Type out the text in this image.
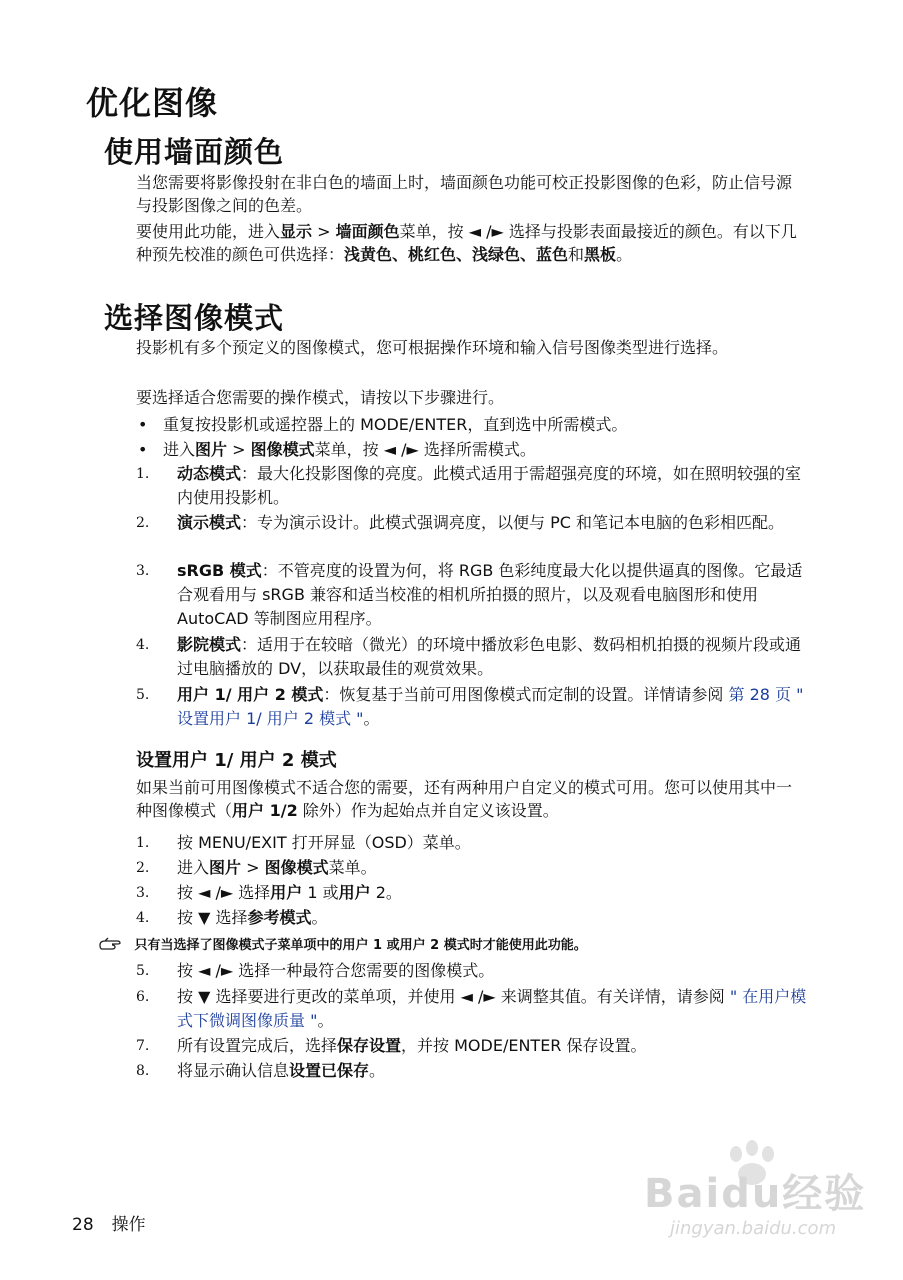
优化图像
使用墙面颜色

当您需要将影像投射在非白色的墙面上时，墙面颜色功能可校正投影图像的色彩，防止信号源与投影图像之间的色差。

要使用此功能，进入显示 > 墙面颜色菜单，按 ◄ /► 选择与投影表面最接近的颜色。有以下几种预先校准的颜色可供选择：浅黄色、桃红色、浅绿色、蓝色和黑板。

选择图像模式

投影机有多个预定义的图像模式，您可根据操作环境和输入信号图像类型进行选择。

要选择适合您需要的操作模式，请按以下步骤进行。

• 重复按投影机或遥控器上的 MODE/ENTER，直到选中所需模式。
• 进入图片 > 图像模式菜单，按 ◄ /► 选择所需模式。
1.	动态模式：最大化投影图像的亮度。此模式适用于需超强亮度的环境，如在照明较强的室内使用投影机。
2.	演示模式：专为演示设计。此模式强调亮度，以便与 PC 和笔记本电脑的色彩相匹配。
3.	sRGB 模式：不管亮度的设置为何，将 RGB 色彩纯度最大化以提供逼真的图像。它最适合观看用与 sRGB 兼容和适当校准的相机所拍摄的照片，以及观看电脑图形和使用 AutoCAD 等制图应用程序。
4.	影院模式：适用于在较暗（微光）的环境中播放彩色电影、数码相机拍摄的视频片段或通过电脑播放的 DV，以获取最佳的观赏效果。
5.	用户 1/ 用户 2 模式：恢复基于当前可用图像模式而定制的设置。详情请参阅 第 28 页 " 设置用户 1/ 用户 2 模式 "。
设置用户 1/ 用户 2 模式

如果当前可用图像模式不适合您的需要，还有两种用户自定义的模式可用。您可以使用其中一种图像模式（用户 1/2 除外）作为起始点并自定义该设置。

1.	按 MENU/EXIT 打开屏显（OSD）菜单。
2.	进入图片 > 图像模式菜单。
3.	按 ◄ /► 选择用户 1 或用户 2。
4.	按 ▼ 选择参考模式。
只有当选择了图像模式子菜单项中的用户 1 或用户 2 模式时才能使用此功能。
5.	按 ◄ /► 选择一种最符合您需要的图像模式。
6.	按 ▼ 选择要进行更改的菜单项，并使用 ◄ /► 来调整其值。有关详情，请参阅 " 在用户模式下微调图像质量 "。
7.	所有设置完成后，选择保存设置，并按 MODE/ENTER 保存设置。
8.	将显示确认信息设置已保存。
Baidu经验
jingyan.baidu.com
28 操作
